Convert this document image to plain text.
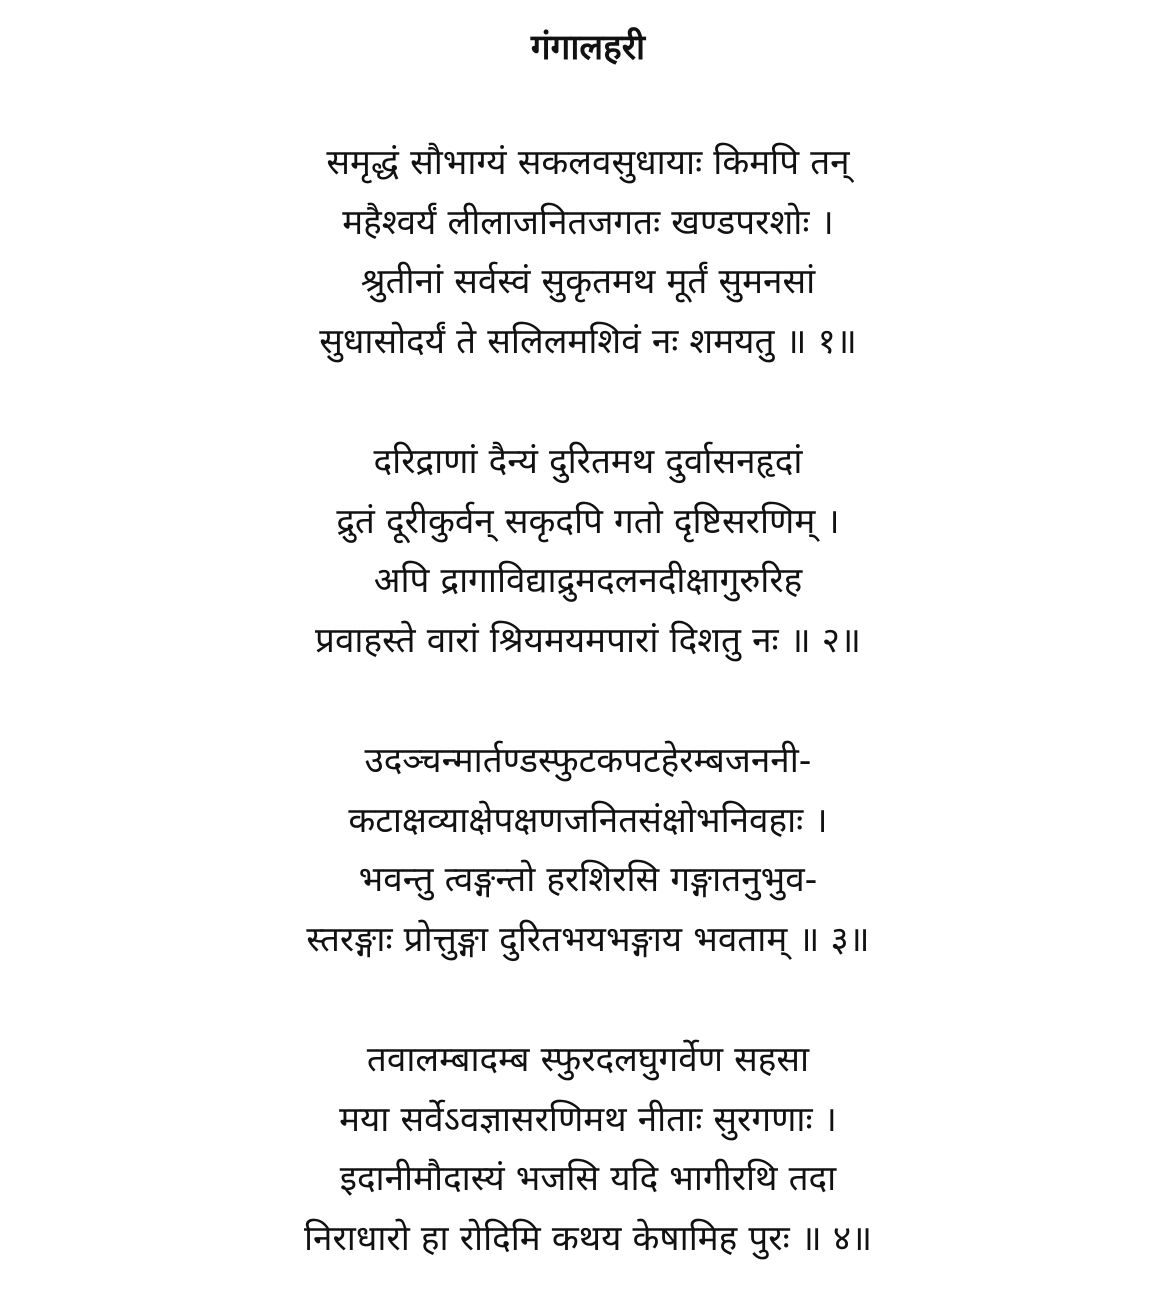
गंगालहरी
समृद्धं सौभाग्यं सकलवसुधायाः किमपि तन्
महैश्वर्यं लीलाजनितजगतः खण्डपरशोः ।
श्रुतीनां सर्वस्वं सुकृतमथ मूर्तं सुमनसां
सुधासोदर्यं ते सलिलमशिवं नः शमयतु ॥ १॥
दरिद्राणां दैन्यं दुरितमथ दुर्वासनहृदां
द्रुतं दूरीकुर्वन् सकृदपि गतो दृष्टिसरणिम् ।
अपि द्रागाविद्याद्रुमदलनदीक्षागुरुरिह
प्रवाहस्ते वारां श्रियमयमपारां दिशतु नः ॥ २॥
उदञ्चन्मार्तण्डस्फुटकपटहेरम्बजननी-
कटाक्षव्याक्षेपक्षणजनितसंक्षोभनिवहाः ।
भवन्तु त्वङ्गन्तो हरशिरसि गङ्गातनुभुव-
स्तरङ्गाः प्रोत्तुङ्गा दुरितभयभङ्गाय भवताम् ॥ ३॥
तवालम्बादम्ब स्फुरदलघुगर्वेण सहसा
मया सर्वेऽवज्ञासरणिमथ नीताः सुरगणाः ।
इदानीमौदास्यं भजसि यदि भागीरथि तदा
निराधारो हा रोदिमि कथय केषामिह पुरः ॥ ४॥
